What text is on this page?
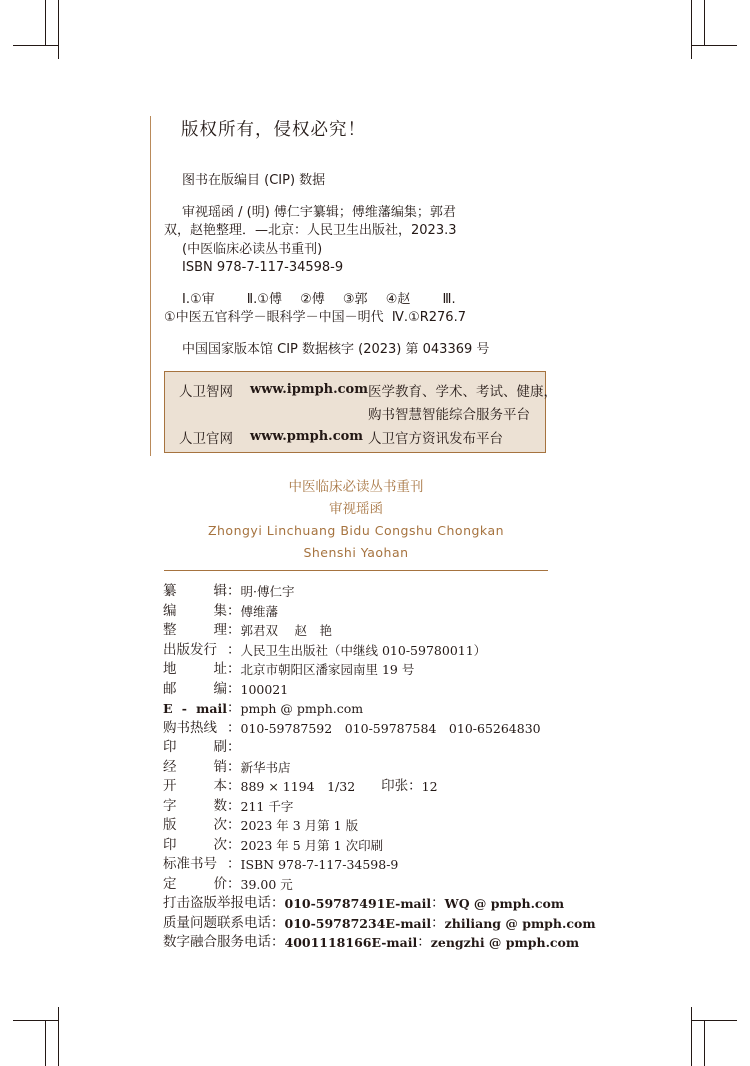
版权所有，侵权必究！
图书在版编目 (CIP) 数据
审视瑶函 / (明) 傅仁宇纂辑；傅维藩编集；郭君
双，赵艳整理．—北京：人民卫生出版社，2023.3
(中医临床必读丛书重刊)
ISBN 978-7-117-34598-9
Ⅰ.①审 Ⅱ.①傅 ②傅 ③郭 ④赵 Ⅲ.
①中医五官科学－眼科学－中国－明代 Ⅳ.①R276.7
中国国家版本馆 CIP 数据核字 (2023) 第 043369 号
人卫智网 www.ipmph.com 医学教育、学术、考试、健康，
购书智慧智能综合服务平台
人卫官网 www.pmph.com 人卫官方资讯发布平台
中医临床必读丛书重刊
审视瑶函
Zhongyi Linchuang Bidu Congshu Chongkan
Shenshi Yaohan
纂	辑 ： 明·傅仁宇
编	集 ： 傅维藩
整	理 ： 郭君双　 赵　艳
出版发行 ： 人民卫生出版社（中继线 010-59780011）
地	址 ： 北京市朝阳区潘家园南里 19 号
邮	编 ： 100021
E - mail ： pmph @ pmph.com
购书热线 ： 010-59787592　010-59787584　010-65264830
印	刷 ：
经	销 ： 新华书店
开	本 ： 889 × 1194　1/32 印张 ： 12
字	数 ： 211 千字
版	次 ： 2023 年 3 月第 1 版
印	次 ： 2023 年 5 月第 1 次印刷
标准书号 ： ISBN 978-7-117-34598-9
定	价 ： 39.00 元
打击盗版举报电话 ： 010-59787491 E-mail ： WQ @ pmph.com
质量问题联系电话 ： 010-59787234 E-mail ： zhiliang @ pmph.com
数字融合服务电话 ： 4001118166 E-mail ： zengzhi @ pmph.com
